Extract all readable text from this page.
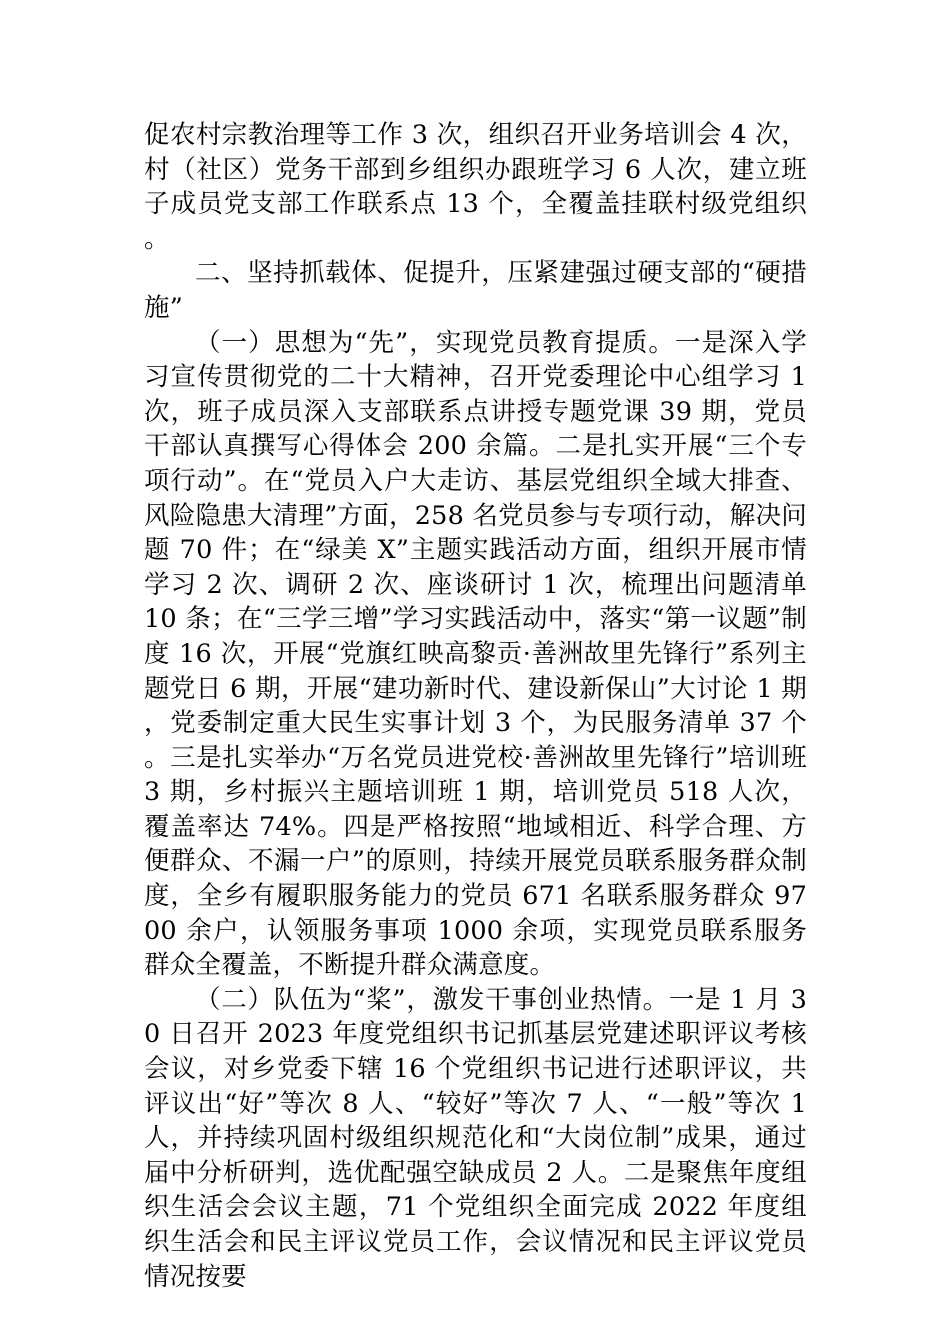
促农村宗教治理等工作 3 次，组织召开业务培训会 4 次，村（社区）党务干部到乡组织办跟班学习 6 人次，建立班子成员党支部工作联系点 13 个，全覆盖挂联村级党组织。

二、坚持抓载体、促提升，压紧建强过硬支部的“硬措施”

（一）思想为“先”，实现党员教育提质。一是深入学习宣传贯彻党的二十大精神，召开党委理论中心组学习 1 次，班子成员深入支部联系点讲授专题党课 39 期，党员干部认真撰写心得体会 200 余篇。二是扎实开展“三个专项行动”。在“党员入户大走访、基层党组织全域大排查、风险隐患大清理”方面，258 名党员参与专项行动，解决问题 70 件；在“绿美 X”主题实践活动方面，组织开展市情学习 2 次、调研 2 次、座谈研讨 1 次，梳理出问题清单 10 条；在“三学三增”学习实践活动中，落实“第一议题”制度 16 次，开展“党旗红映高黎贡·善洲故里先锋行”系列主题党日 6 期，开展“建功新时代、建设新保山”大讨论 1 期，党委制定重大民生实事计划 3 个，为民服务清单 37 个。三是扎实举办“万名党员进党校·善洲故里先锋行”培训班 3 期，乡村振兴主题培训班 1 期，培训党员 518 人次，覆盖率达 74%。四是严格按照“地域相近、科学合理、方便群众、不漏一户”的原则，持续开展党员联系服务群众制度，全乡有履职服务能力的党员 671 名联系服务群众 9700 余户，认领服务事项 1000 余项，实现党员联系服务群众全覆盖，不断提升群众满意度。

（二）队伍为“桨”，激发干事创业热情。一是 1 月 30 日召开 2023 年度党组织书记抓基层党建述职评议考核会议，对乡党委下辖 16 个党组织书记进行述职评议，共评议出“好”等次 8 人、“较好”等次 7 人、“一般”等次 1 人，并持续巩固村级组织规范化和“大岗位制”成果，通过届中分析研判，选优配强空缺成员 2 人。二是聚焦年度组织生活会会议主题，71 个党组织全面完成 2022 年度组织生活会和民主评议党员工作，会议情况和民主评议党员情况按要
